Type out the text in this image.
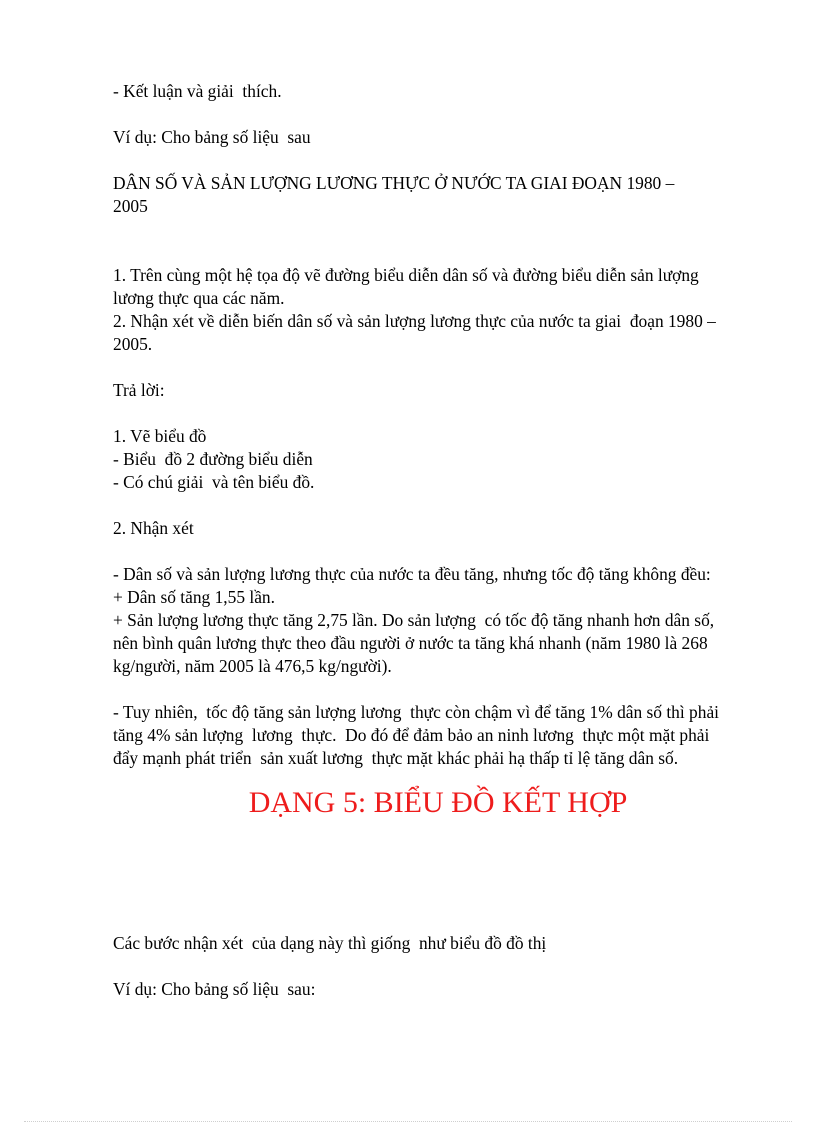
- Kết luận và giải  thích.

Ví dụ: Cho bảng số liệu  sau

DÂN SỐ VÀ SẢN LƯỢNG LƯƠNG THỰC Ở NƯỚC TA GIAI ĐOẠN 1980 –

2005

1. Trên cùng một hệ tọa độ vẽ đường biểu diễn dân số và đường biểu diễn sản lượng

lương thực qua các năm.

2. Nhận xét về diễn biến dân số và sản lượng lương thực của nước ta giai  đoạn 1980 –

2005.

Trả lời:

1. Vẽ biểu đồ

- Biểu  đồ 2 đường biểu diễn

- Có chú giải  và tên biểu đồ.

2. Nhận xét

- Dân số và sản lượng lương thực của nước ta đều tăng, nhưng tốc độ tăng không đều:

+ Dân số tăng 1,55 lần.

+ Sản lượng lương thực tăng 2,75 lần. Do sản lượng  có tốc độ tăng nhanh hơn dân số,

nên bình quân lương thực theo đầu người ở nước ta tăng khá nhanh (năm 1980 là 268

kg/người, năm 2005 là 476,5 kg/người).

- Tuy nhiên,  tốc độ tăng sản lượng lương  thực còn chậm vì để tăng 1% dân số thì phải

tăng 4% sản lượng  lương  thực.  Do đó để đảm bảo an ninh lương  thực một mặt phải

đẩy mạnh phát triển  sản xuất lương  thực mặt khác phải hạ thấp tỉ lệ tăng dân số.

DẠNG 5: BIỂU ĐỒ KẾT HỢP

Các bước nhận xét  của dạng này thì giống  như biểu đồ đồ thị

Ví dụ: Cho bảng số liệu  sau:
